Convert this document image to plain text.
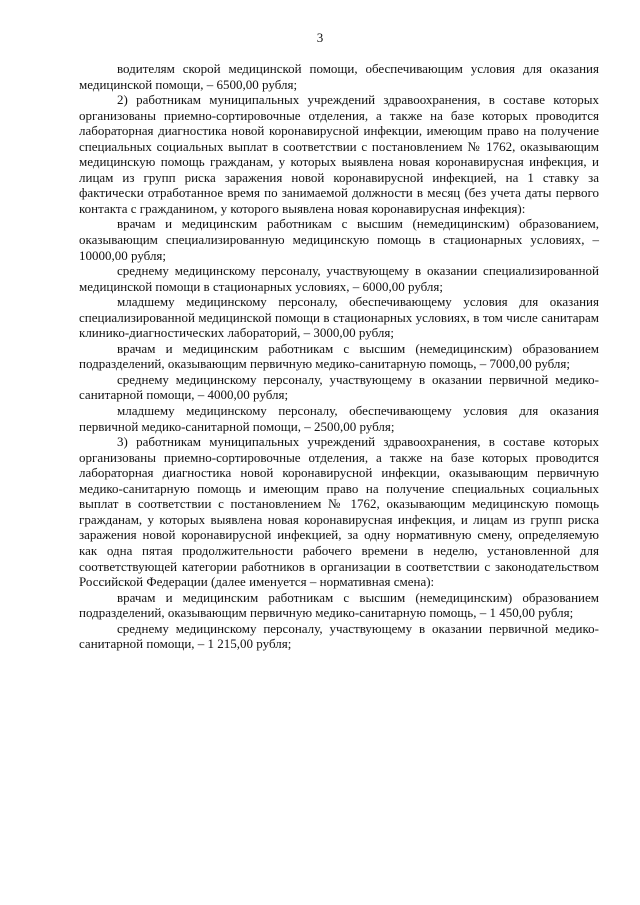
3

водителям скорой медицинской помощи, обеспечивающим условия для оказания медицинской помощи, – 6500,00 рубля;

2) работникам муниципальных учреждений здравоохранения, в составе которых организованы приемно-сортировочные отделения, а также на базе которых проводится лабораторная диагностика новой коронавирусной инфекции, имеющим право на получение специальных социальных выплат в соответствии с постановлением № 1762, оказывающим медицинскую помощь гражданам, у которых выявлена новая коронавирусная инфекция, и лицам из групп риска заражения новой коронавирусной инфекцией, на 1 ставку за фактически отработанное время по занимаемой должности в месяц (без учета даты первого контакта с гражданином, у которого выявлена новая коронавирусная инфекция):

врачам и медицинским работникам с высшим (немедицинским) образованием, оказывающим специализированную медицинскую помощь в стационарных условиях, – 10000,00 рубля;

среднему медицинскому персоналу, участвующему в оказании специализированной медицинской помощи в стационарных условиях, – 6000,00 рубля;

младшему медицинскому персоналу, обеспечивающему условия для оказания специализированной медицинской помощи в стационарных условиях, в том числе санитарам клинико-диагностических лабораторий, – 3000,00 рубля;

врачам и медицинским работникам с высшим (немедицинским) образованием подразделений, оказывающим первичную медико-санитарную помощь, – 7000,00 рубля;

среднему медицинскому персоналу, участвующему в оказании первичной медико-санитарной помощи, – 4000,00 рубля;

младшему медицинскому персоналу, обеспечивающему условия для оказания первичной медико-санитарной помощи, – 2500,00 рубля;

3) работникам муниципальных учреждений здравоохранения, в составе которых организованы приемно-сортировочные отделения, а также на базе которых проводится лабораторная диагностика новой коронавирусной инфекции, оказывающим первичную медико-санитарную помощь и имеющим право на получение специальных социальных выплат в соответствии с постановлением № 1762, оказывающим медицинскую помощь гражданам, у которых выявлена новая коронавирусная инфекция, и лицам из групп риска заражения новой коронавирусной инфекцией, за одну нормативную смену, определяемую как одна пятая продолжительности рабочего времени в неделю, установленной для соответствующей категории работников в организации в соответствии с законодательством Российской Федерации (далее именуется – нормативная смена):

врачам и медицинским работникам с высшим (немедицинским) образованием подразделений, оказывающим первичную медико-санитарную помощь, – 1 450,00 рубля;

среднему медицинскому персоналу, участвующему в оказании первичной медико-санитарной помощи, – 1 215,00 рубля;
